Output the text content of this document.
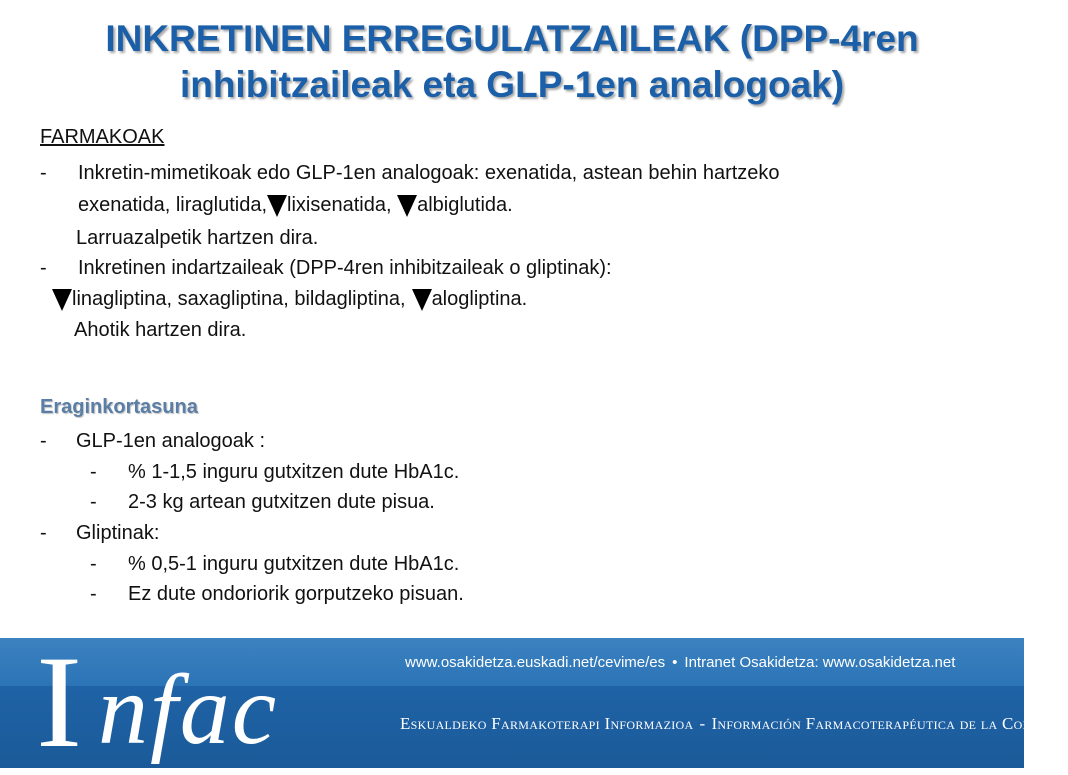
INKRETINEN ERREGULATZAILEAK (DPP-4ren
inhibitzaileak eta GLP-1en analogoak)
FARMAKOAK
- Inkretin-mimetikoak edo GLP-1en analogoak: exenatida, astean behin hartzeko
exenatida, liraglutida, lixisenatida, albiglutida.
Larruazalpetik hartzen dira.
- Inkretinen indartzaileak (DPP-4ren inhibitzaileak o gliptinak):
linagliptina, saxagliptina, bildagliptina, alogliptina.
Ahotik hartzen dira.
Eraginkortasuna
- GLP-1en analogoak :
- % 1-1,5 inguru gutxitzen dute HbA1c.
- 2-3 kg artean gutxitzen dute pisua.
- Gliptinak:
- % 0,5-1 inguru gutxitzen dute HbA1c.
- Ez dute ondoriorik gorputzeko pisuan.
I nfac	www.osakidetza.euskadi.net/cevime/es • Intranet Osakidetza: www.osakidetza.net
Eskualdeko Farmakoterapi Informazioa - Información Farmacoterapéutica de la Comarca
